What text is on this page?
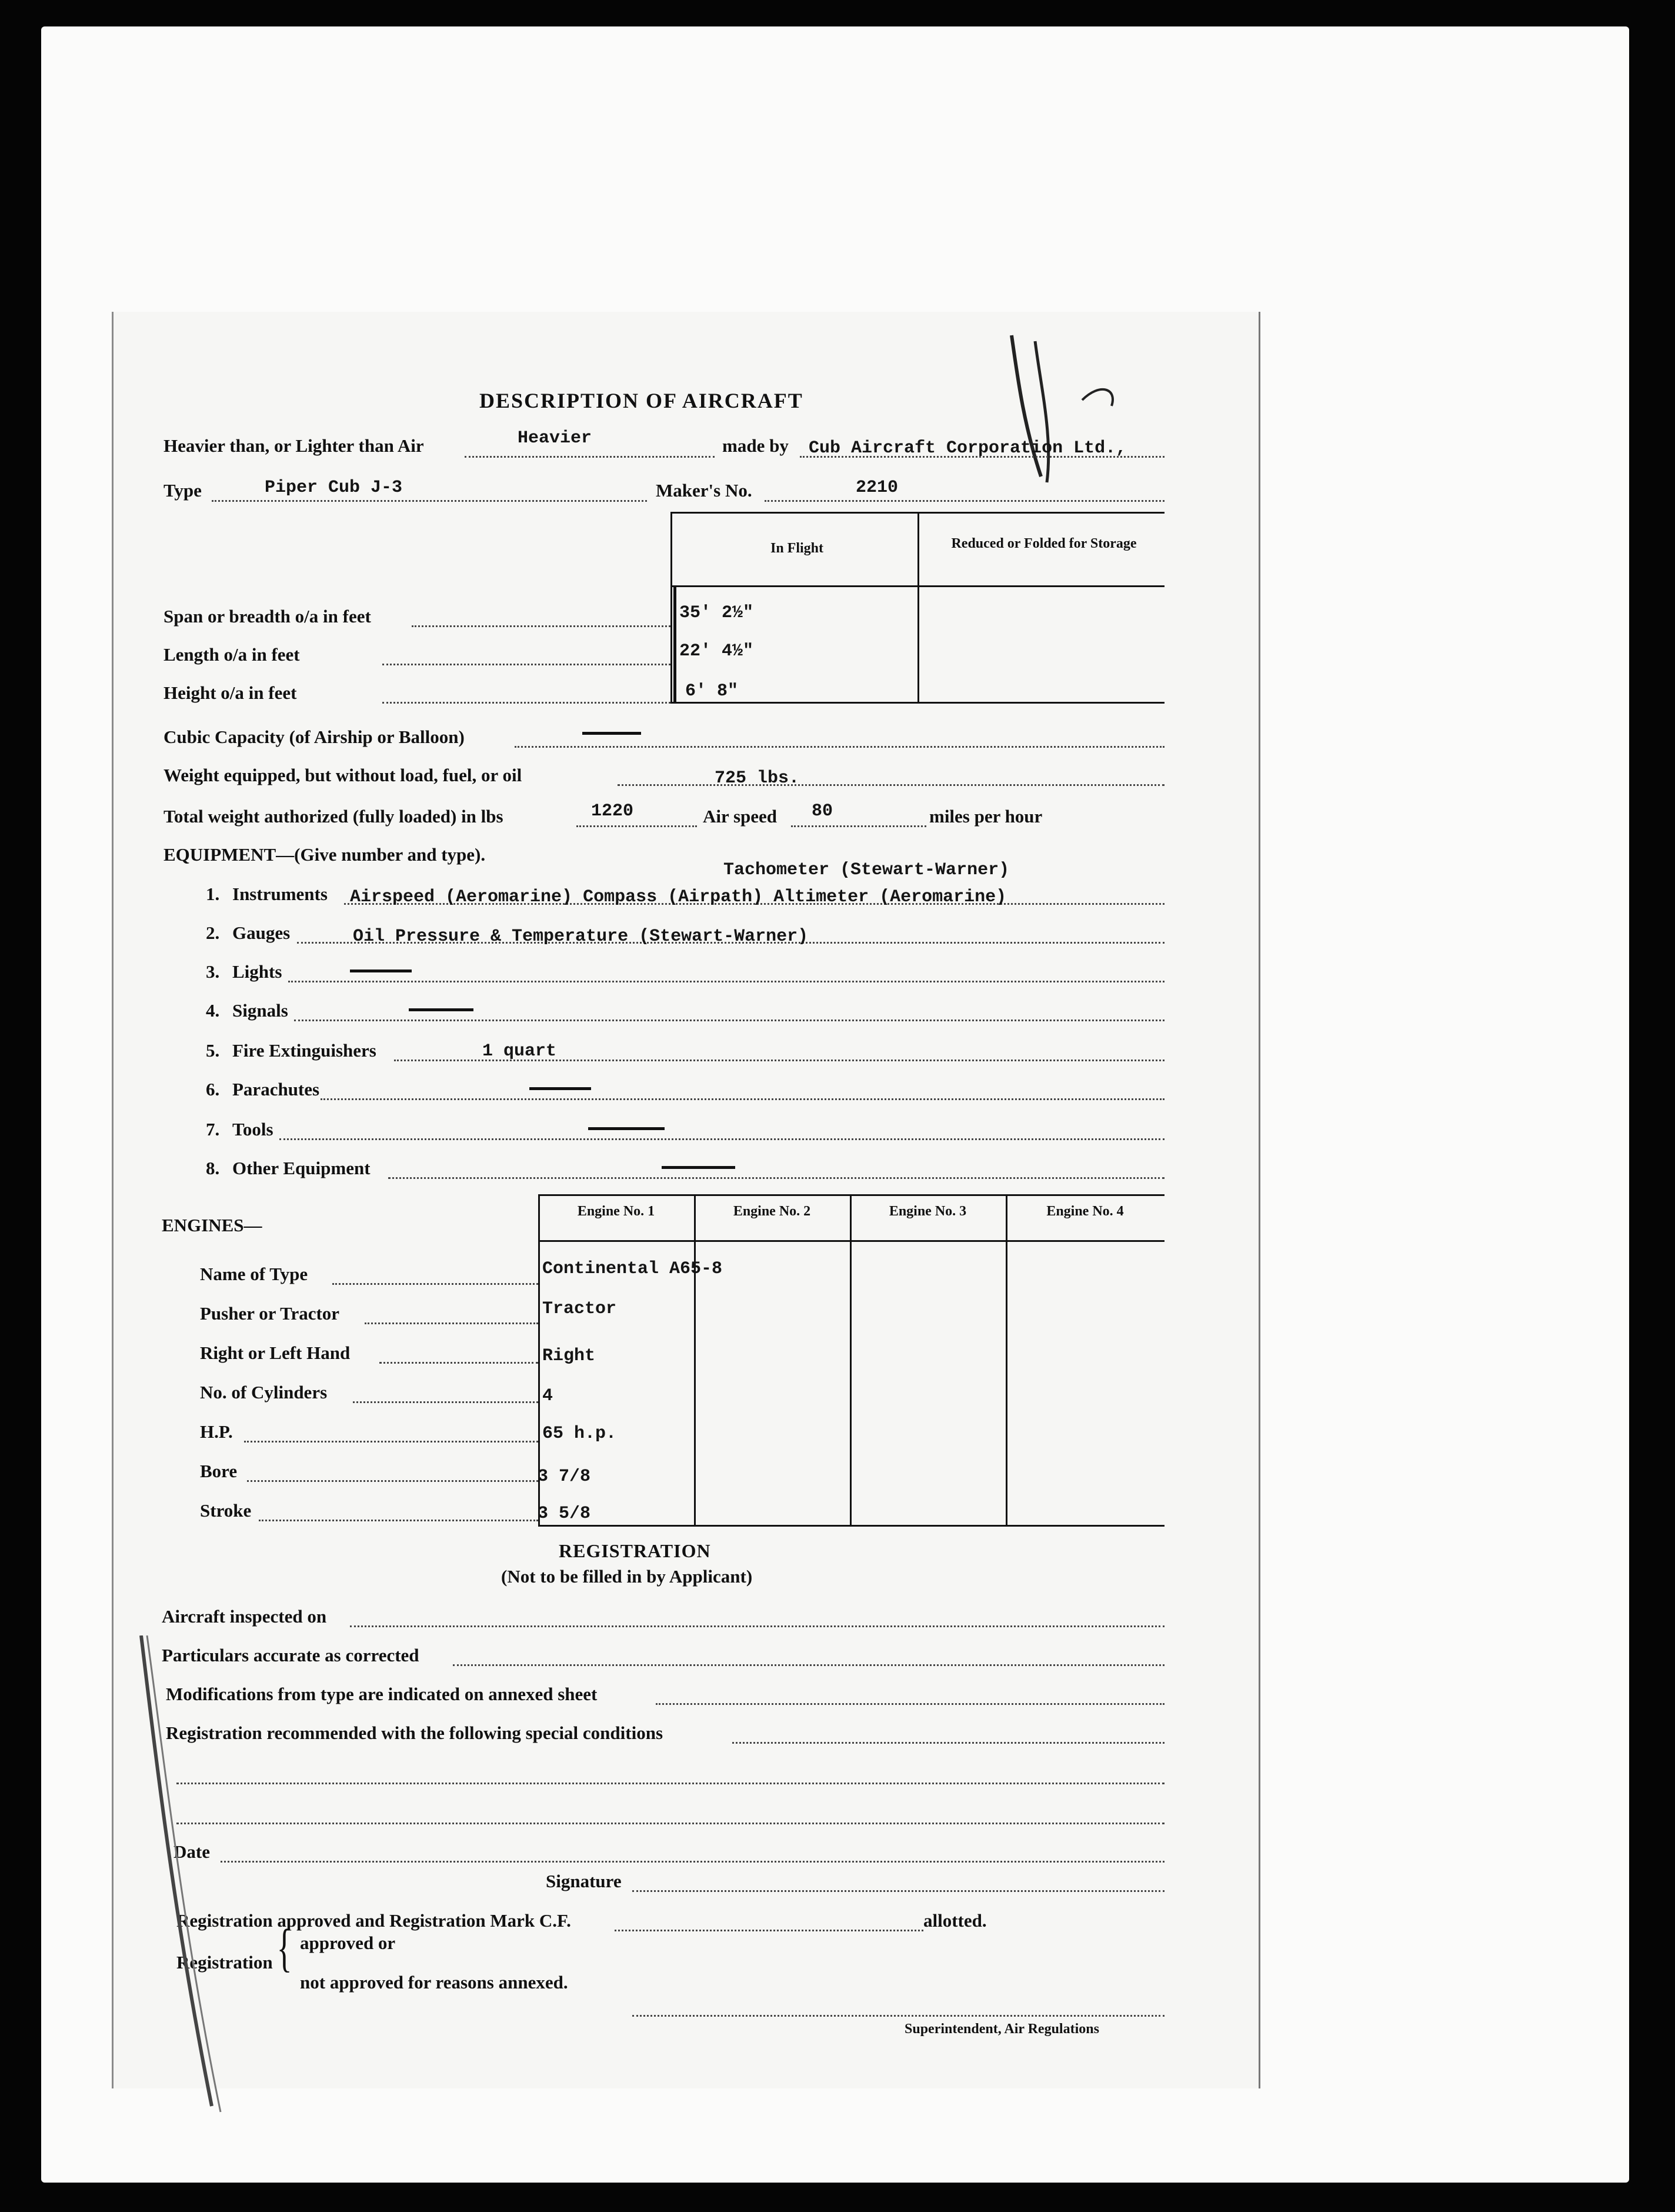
DESCRIPTION OF AIRCRAFT
Heavier than, or Lighter than Air	Heavier	made by Cub Aircraft Corporation Ltd.,
Type	Piper Cub J-3	Maker's No.	2210
In Flight	Reduced or Folded for Storage
Span or breadth o/a in feet	35' 2½"
Length o/a in feet	22' 4½"
Height o/a in feet	6' 8"
Cubic Capacity (of Airship or Balloon)
Weight equipped, but without load, fuel, or oil	725 lbs.
Total weight authorized (fully loaded) in lbs	1220	Air speed 80	miles per hour
EQUIPMENT—(Give number and type).
Tachometer (Stewart-Warner)
1. Instruments Airspeed (Aeromarine) Compass (Airpath) Altimeter (Aeromarine)
2. Gauges	Oil Pressure & Temperature (Stewart-Warner)
3. Lights
4. Signals
5. Fire Extinguishers	1 quart
6. Parachutes
7. Tools
8. Other Equipment
Engine No. 1	Engine No. 2	Engine No. 3	Engine No. 4
ENGINES—
Name of Type	Continental A65-8
Pusher or Tractor	Tractor
Right or Left Hand	Right
No. of Cylinders	4
H.P.	65 h.p.
Bore	3 7/8
Stroke	3 5/8
REGISTRATION
(Not to be filled in by Applicant)
Aircraft inspected on
Particulars accurate as corrected
Modifications from type are indicated on annexed sheet
Registration recommended with the following special conditions
Date
Signature
Registration approved and Registration Mark C.F.	allotted.
Registration { approved or
not approved for reasons annexed.
Superintendent, Air Regulations
